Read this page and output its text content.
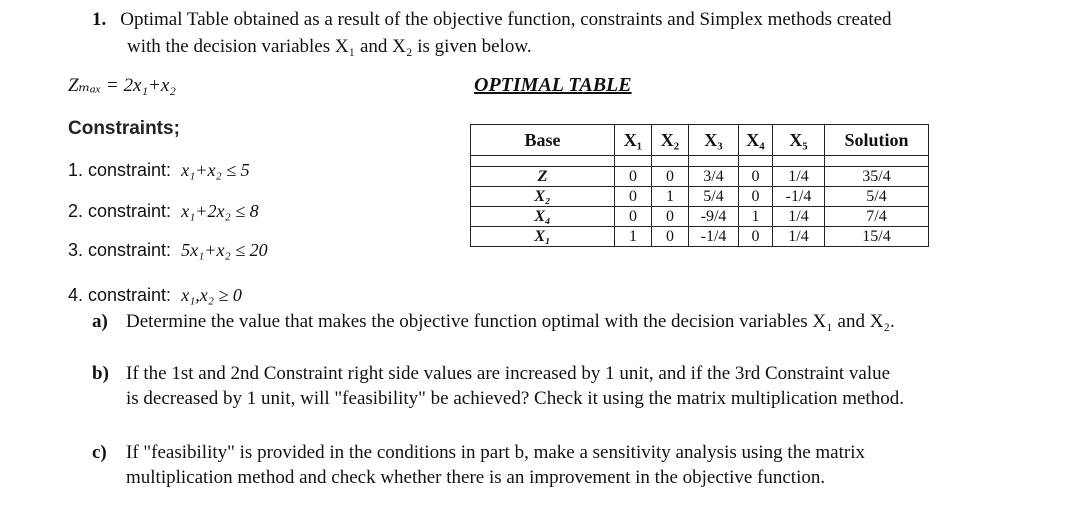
1. Optimal Table obtained as a result of the objective function, constraints and Simplex methods created
with the decision variables X₁ and X₂ is given below.
Zₘₐₓ = 2x₁+x₂	OPTIMAL TABLE
Constraints;
1. constraint: x₁+x₂ ≤ 5
2. constraint: x₁+2x₂ ≤ 8
3. constraint: 5x₁+x₂ ≤ 20
4. constraint: x₁,x₂ ≥ 0
Base	X₁	X₂	X₃	X₄	X₅	Solution

Z	0	0	3/4	0	1/4	35/4
X₂	0	1	5/4	0	-1/4	5/4
X₄	0	0	-9/4	1	1/4	7/4
X₁	1	0	-1/4	0	1/4	15/4
a) Determine the value that makes the objective function optimal with the decision variables X₁ and X₂.
b) If the 1st and 2nd Constraint right side values are increased by 1 unit, and if the 3rd Constraint value
is decreased by 1 unit, will "feasibility" be achieved? Check it using the matrix multiplication method.
c) If "feasibility" is provided in the conditions in part b, make a sensitivity analysis using the matrix
multiplication method and check whether there is an improvement in the objective function.
